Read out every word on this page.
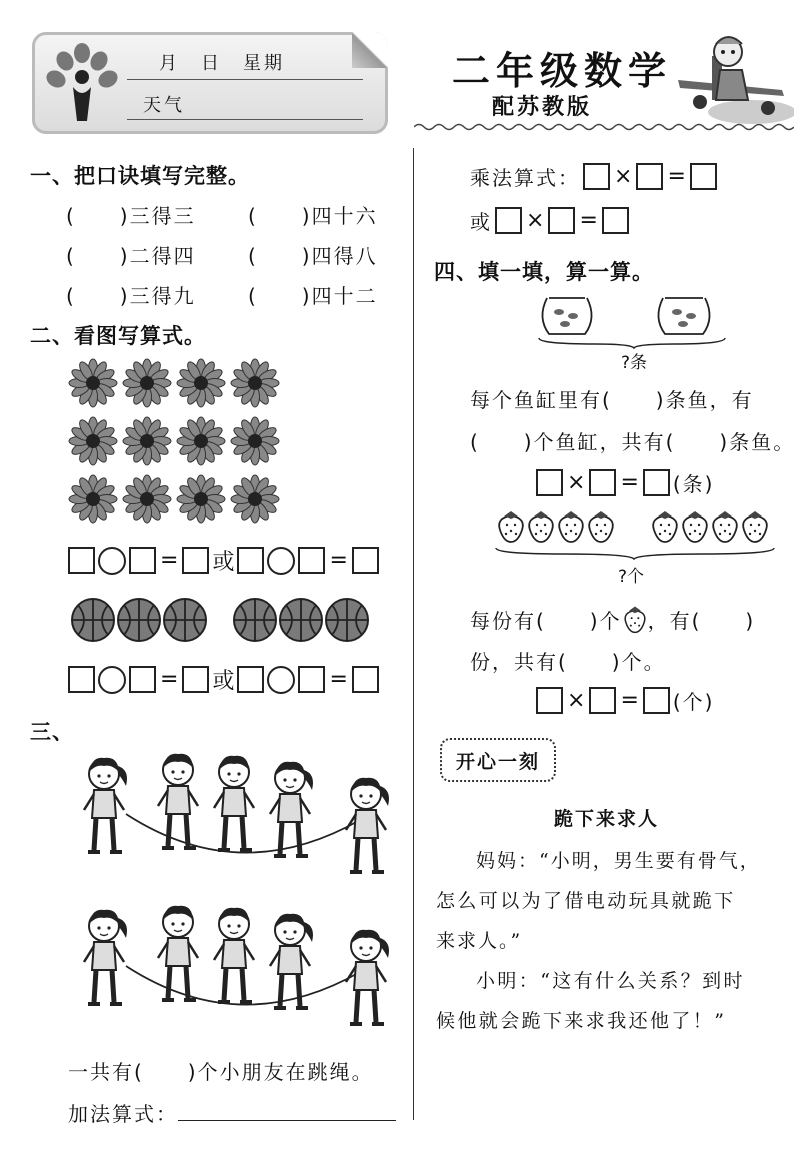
月　日　星期
天气
二年级数学
配苏教版
一、把口诀填写完整。
(　　)三得三	(　　)四十六
(　　)二得四	(　　)四得八
(　　)三得九	(　　)四十二
二、看图写算式。
= 或	=
= 或	=
三、
一共有(　　)个小朋友在跳绳。
加法算式：
乘法算式： × =
或 × =
四、填一填，算一算。
?条
每个鱼缸里有(　　)条鱼，有
(　　)个鱼缸，共有(　　)条鱼。
× = (条)
?个
每份有(　　)个 ，有(　　)
份，共有(　　)个。
× = (个)
开心一刻
跪下来求人
妈妈：“小明，男生要有骨气，
怎么可以为了借电动玩具就跪下
来求人。”
小明：“这有什么关系？到时
候他就会跪下来求我还他了！”
